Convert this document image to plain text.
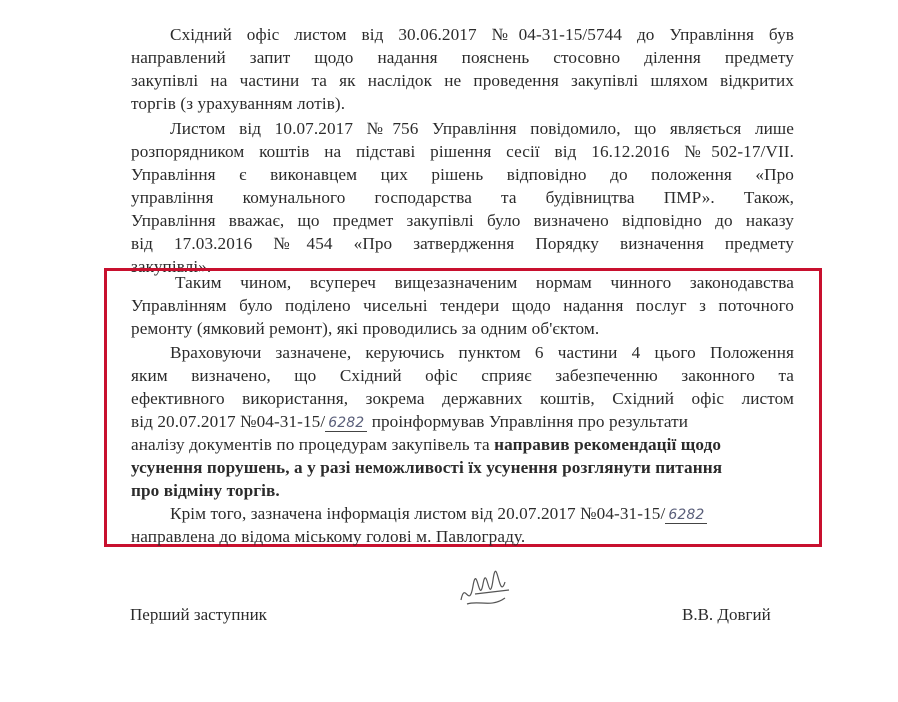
Східний офіс листом від 30.06.2017 №04-31-15/5744 до Управління був
направлений запит щодо надання пояснень стосовно ділення предмету
закупівлі на частини та як наслідок не проведення закупівлі шляхом відкритих
торгів (з урахуванням лотів).
Листом від 10.07.2017 №756 Управління повідомило, що являється лише
розпорядником коштів на підставі рішення сесії від 16.12.2016 №502-17/VII.
Управління є виконавцем цих рішень відповідно до положення «Про
управління комунального господарства та будівництва ПМР». Також,
Управління вважає, що предмет закупівлі було визначено відповідно до наказу
від 17.03.2016 №454 «Про затвердження Порядку визначення предмету
закупівлі».
Таким чином, всупереч вищезазначеним нормам чинного законодавства
Управлінням було поділено чисельні тендери щодо надання послуг з поточного
ремонту (ямковий ремонт), які проводились за одним об'єктом.
Враховуючи зазначене, керуючись пунктом 6 частини 4 цього Положення
яким визначено, що Східний офіс сприяє забезпеченню законного та
ефективного використання, зокрема державних коштів, Східний офіс листом
від 20.07.2017 №04-31-15/ 6282 проінформував Управління про результати
аналізу документів по процедурам закупівель та направив рекомендації щодо
усунення порушень, а у разі неможливості їх усунення розглянути питання
про відміну торгів.
Крім того, зазначена інформація листом від 20.07.2017 №04-31-15/ 6282
направлена до відома міському голові м. Павлограду.
Перший заступник	В.В. Довгий
